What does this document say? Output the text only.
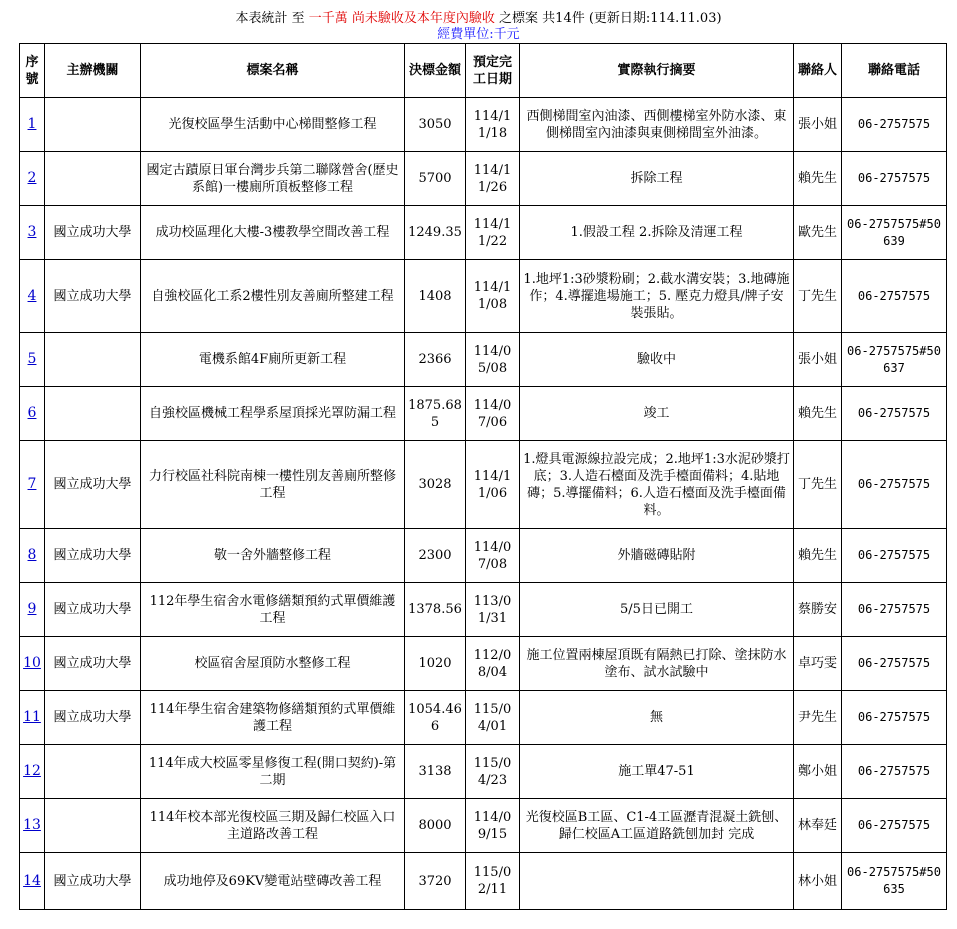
本表統計 至 一千萬 尚未驗收及本年度內驗收 之標案 共14件 (更新日期:114.11.03)
經費單位:千元
序號	主辦機關	標案名稱	決標金額	預定完工日期	實際執行摘要	聯絡人	聯絡電話
1		光復校區學生活動中心梯間整修工程	3050	114/11/18	西側梯間室內油漆、西側樓梯室外防水漆、東側梯間室內油漆與東側梯間室外油漆。	張小姐	06-2757575
2		國定古蹟原日軍台灣步兵第二聯隊營舍(歷史系館)一樓廁所頂板整修工程	5700	114/11/26	拆除工程	賴先生	06-2757575
3	國立成功大學	成功校區理化大樓-3樓教學空間改善工程	1249.35	114/11/22	1.假設工程 2.拆除及清運工程	歐先生	06-2757575#50639
4	國立成功大學	自強校區化工系2樓性別友善廁所整建工程	1408	114/11/08	1.地坪1:3砂漿粉刷；2.截水溝安裝；3.地磚施作；4.導擺進場施工；5. 壓克力燈具/牌子安裝張貼。	丁先生	06-2757575
5		電機系館4F廁所更新工程	2366	114/05/08	驗收中	張小姐	06-2757575#50637
6		自強校區機械工程學系屋頂採光罩防漏工程	1875.685	114/07/06	竣工	賴先生	06-2757575
7	國立成功大學	力行校區社科院南棟一樓性別友善廁所整修工程	3028	114/11/06	1.燈具電源線拉設完成；2.地坪1:3水泥砂漿打底；3.人造石檯面及洗手檯面備料；4.貼地磚；5.導擺備料；6.人造石檯面及洗手檯面備料。	丁先生	06-2757575
8	國立成功大學	敬一舍外牆整修工程	2300	114/07/08	外牆磁磚貼附	賴先生	06-2757575
9	國立成功大學	112年學生宿舍水電修繕類預約式單價維護工程	1378.56	113/01/31	5/5日已開工	蔡勝安	06-2757575
10	國立成功大學	校區宿舍屋頂防水整修工程	1020	112/08/04	施工位置兩棟屋頂既有隔熱已打除、塗抹防水塗布、試水試驗中	卓巧雯	06-2757575
11	國立成功大學	114年學生宿舍建築物修繕類預約式單價維護工程	1054.466	115/04/01	無	尹先生	06-2757575
12		114年成大校區零星修復工程(開口契約)-第二期	3138	115/04/23	施工單47-51	鄭小姐	06-2757575
13		114年校本部光復校區三期及歸仁校區入口主道路改善工程	8000	114/09/15	光復校區B工區、C1-4工區瀝青混凝土銑刨、歸仁校區A工區道路銑刨加封 完成	林奉廷	06-2757575
14	國立成功大學	成功地停及69KV變電站壁磚改善工程	3720	115/02/11		林小姐	06-2757575#50635
